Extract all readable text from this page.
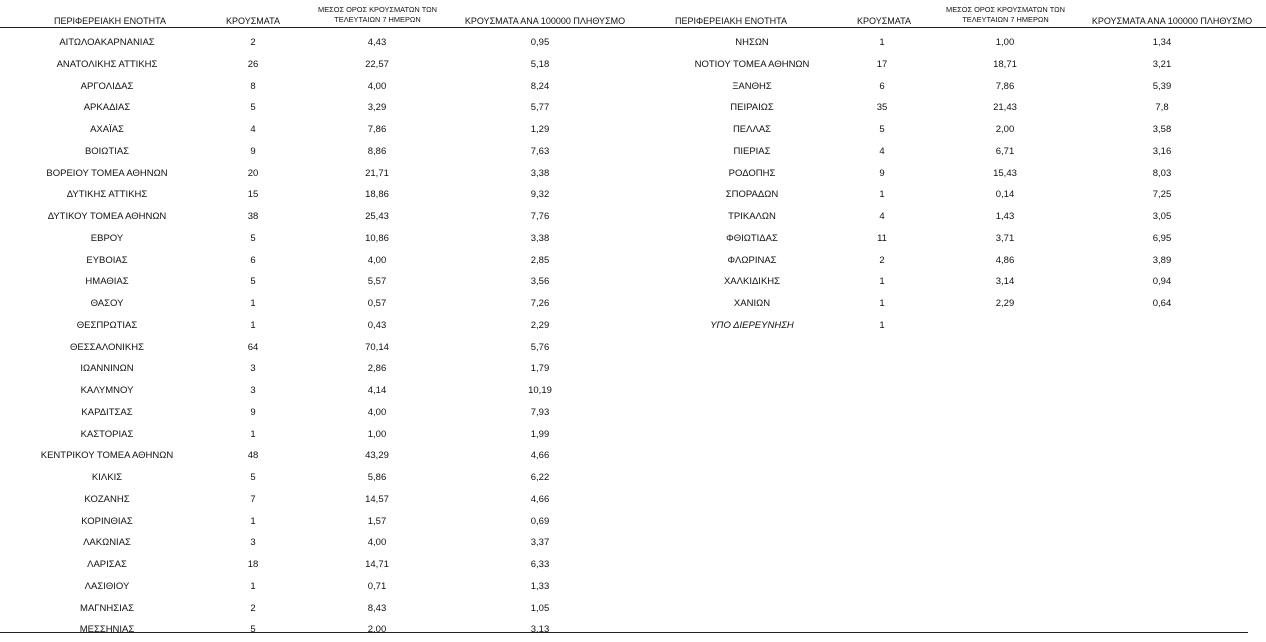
ΠΕΡΙΦΕΡΕΙΑΚΗ ΕΝΟΤΗΤΑ	ΚΡΟΥΣΜΑΤΑ
ΜΕΣΟΣ ΟΡΟΣ ΚΡΟΥΣΜΑΤΩΝ ΤΩΝ
ΤΕΛΕΥΤΑΙΩΝ 7 ΗΜΕΡΩΝ	ΚΡΟΥΣΜΑΤΑ ΑΝΑ 100000 ΠΛΗΘΥΣΜΟ
ΑΙΤΩΛΟΑΚΑΡΝΑΝΙΑΣ	2	4,43	0,95
ΑΝΑΤΟΛΙΚΗΣ ΑΤΤΙΚΗΣ	26	22,57	5,18
ΑΡΓΟΛΙΔΑΣ	8	4,00	8,24
ΑΡΚΑΔΙΑΣ	5	3,29	5,77
ΑΧΑΪΑΣ	4	7,86	1,29
ΒΟΙΩΤΙΑΣ	9	8,86	7,63
ΒΟΡΕΙΟΥ ΤΟΜΕΑ ΑΘΗΝΩΝ	20	21,71	3,38
ΔΥΤΙΚΗΣ ΑΤΤΙΚΗΣ	15	18,86	9,32
ΔΥΤΙΚΟΥ ΤΟΜΕΑ ΑΘΗΝΩΝ	38	25,43	7,76
ΕΒΡΟΥ	5	10,86	3,38
ΕΥΒΟΙΑΣ	6	4,00	2,85
ΗΜΑΘΙΑΣ	5	5,57	3,56
ΘΑΣΟΥ	1	0,57	7,26
ΘΕΣΠΡΩΤΙΑΣ	1	0,43	2,29
ΘΕΣΣΑΛΟΝΙΚΗΣ	64	70,14	5,76
ΙΩΑΝΝΙΝΩΝ	3	2,86	1,79
ΚΑΛΥΜΝΟΥ	3	4,14	10,19
ΚΑΡΔΙΤΣΑΣ	9	4,00	7,93
ΚΑΣΤΟΡΙΑΣ	1	1,00	1,99
ΚΕΝΤΡΙΚΟΥ ΤΟΜΕΑ ΑΘΗΝΩΝ	48	43,29	4,66
ΚΙΛΚΙΣ	5	5,86	6,22
ΚΟΖΑΝΗΣ	7	14,57	4,66
ΚΟΡΙΝΘΙΑΣ	1	1,57	0,69
ΛΑΚΩΝΙΑΣ	3	4,00	3,37
ΛΑΡΙΣΑΣ	18	14,71	6,33
ΛΑΣΙΘΙΟΥ	1	0,71	1,33
ΜΑΓΝΗΣΙΑΣ	2	8,43	1,05
ΜΕΣΣΗΝΙΑΣ	5	2,00	3,13
ΠΕΡΙΦΕΡΕΙΑΚΗ ΕΝΟΤΗΤΑ	ΚΡΟΥΣΜΑΤΑ
ΜΕΣΟΣ ΟΡΟΣ ΚΡΟΥΣΜΑΤΩΝ ΤΩΝ
ΤΕΛΕΥΤΑΙΩΝ 7 ΗΜΕΡΩΝ	ΚΡΟΥΣΜΑΤΑ ΑΝΑ 100000 ΠΛΗΘΥΣΜΟ
ΝΗΣΩΝ	1	1,00	1,34
ΝΟΤΙΟΥ ΤΟΜΕΑ ΑΘΗΝΩΝ	17	18,71	3,21
ΞΑΝΘΗΣ	6	7,86	5,39
ΠΕΙΡΑΙΩΣ	35	21,43	7,8
ΠΕΛΛΑΣ	5	2,00	3,58
ΠΙΕΡΙΑΣ	4	6,71	3,16
ΡΟΔΟΠΗΣ	9	15,43	8,03
ΣΠΟΡΑΔΩΝ	1	0,14	7,25
ΤΡΙΚΑΛΩΝ	4	1,43	3,05
ΦΘΙΩΤΙΔΑΣ	11	3,71	6,95
ΦΛΩΡΙΝΑΣ	2	4,86	3,89
ΧΑΛΚΙΔΙΚΗΣ	1	3,14	0,94
ΧΑΝΙΩΝ	1	2,29	0,64
ΥΠΟ ΔΙΕΡΕΥΝΗΣΗ	1
